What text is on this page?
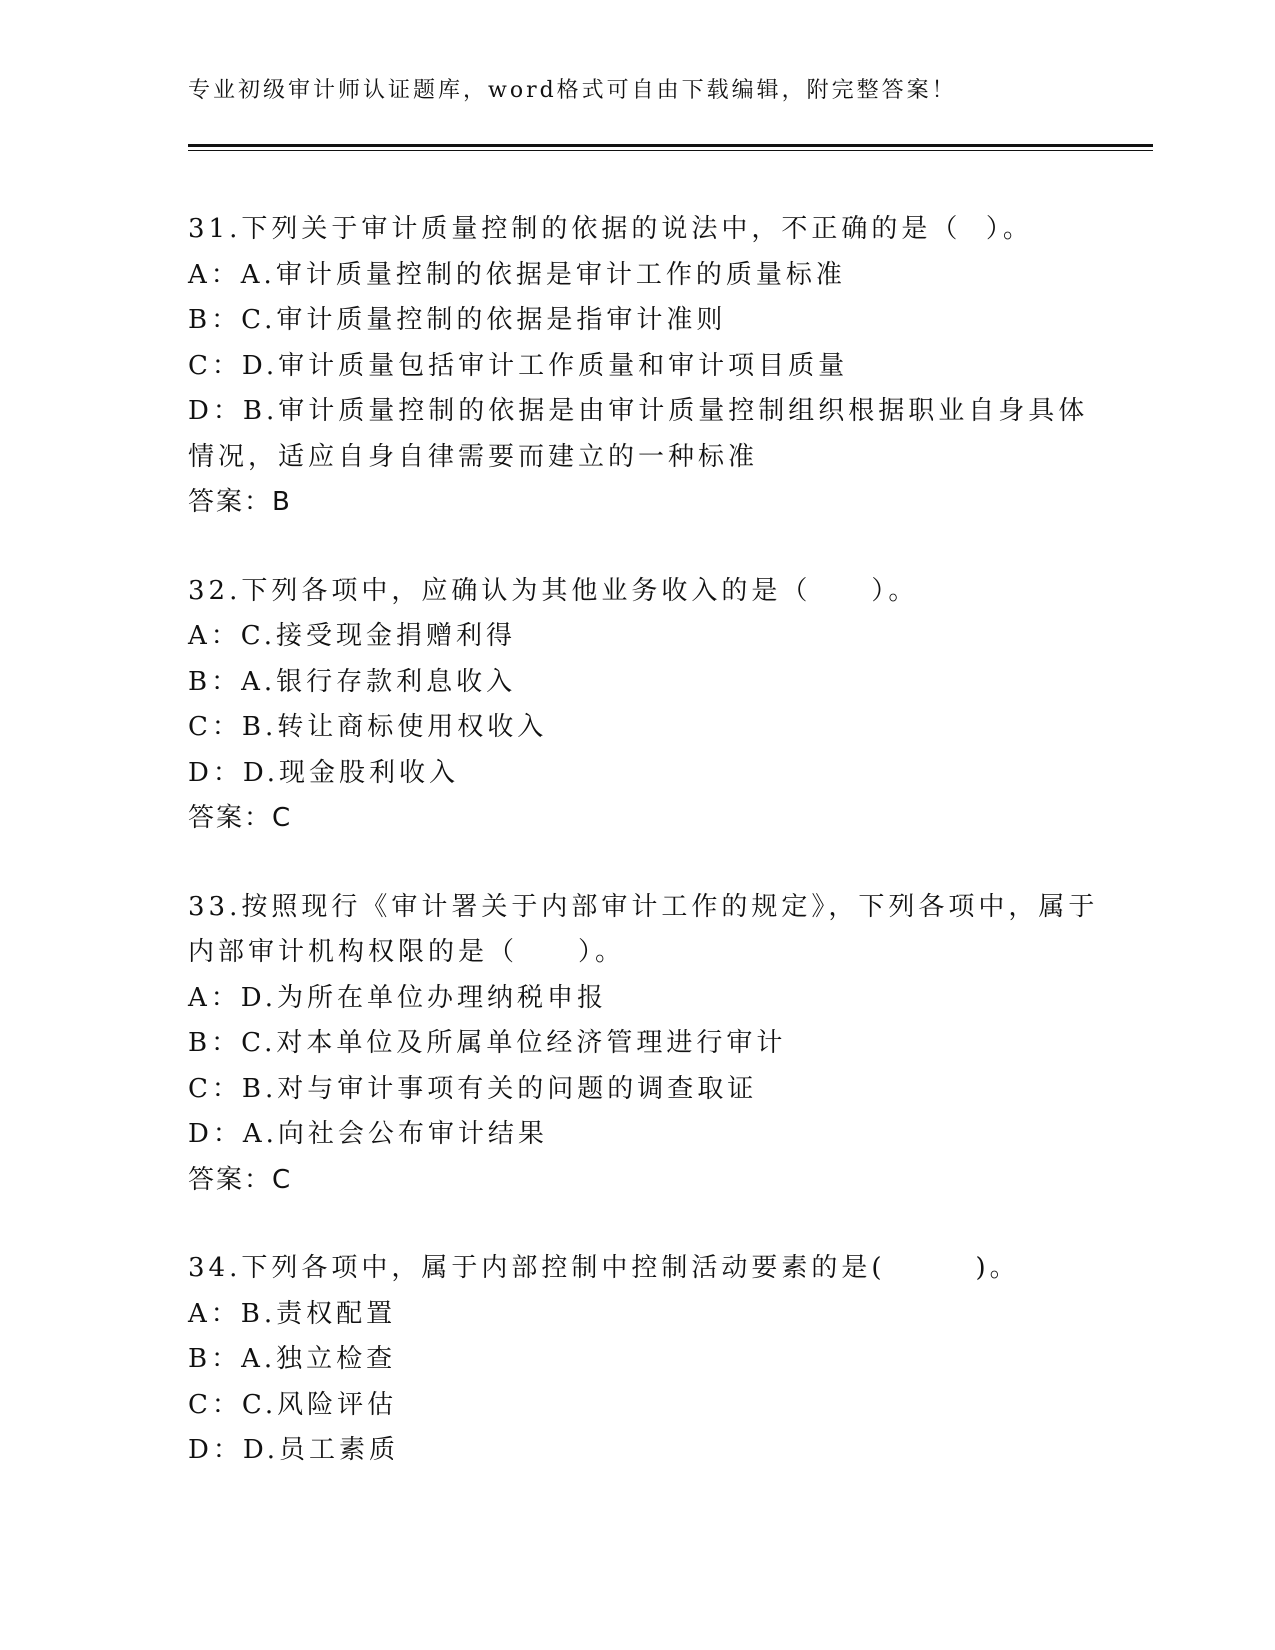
专业初级审计师认证题库，word格式可自由下载编辑，附完整答案！
31.下列关于审计质量控制的依据的说法中，不正确的是（  ）。
A：A.审计质量控制的依据是审计工作的质量标准
B：C.审计质量控制的依据是指审计准则
C：D.审计质量包括审计工作质量和审计项目质量
D：B.审计质量控制的依据是由审计质量控制组织根据职业自身具体情况，适应自身自律需要而建立的一种标准
答案：B
32.下列各项中，应确认为其他业务收入的是（　　）。
A：C.接受现金捐赠利得
B：A.银行存款利息收入
C：B.转让商标使用权收入
D：D.现金股利收入
答案：C
33.按照现行《审计署关于内部审计工作的规定》，下列各项中，属于内部审计机构权限的是（　　）。
A：D.为所在单位办理纳税申报
B：C.对本单位及所属单位经济管理进行审计
C：B.对与审计事项有关的问题的调查取证
D：A.向社会公布审计结果
答案：C
34.下列各项中，属于内部控制中控制活动要素的是(　　　)。
A：B.责权配置
B：A.独立检查
C：C.风险评估
D：D.员工素质
